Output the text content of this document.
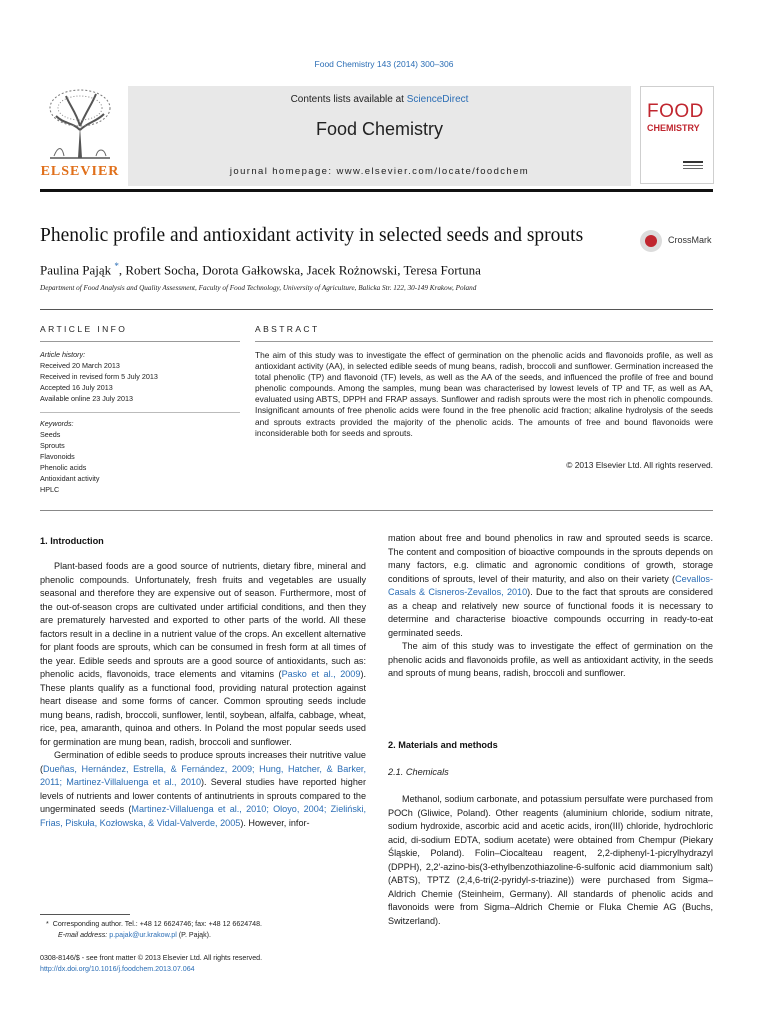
Food Chemistry 143 (2014) 300–306
ELSEVIER
Contents lists available at ScienceDirect
Food Chemistry
journal homepage: www.elsevier.com/locate/foodchem
FOOD
CHEMISTRY
Phenolic profile and antioxidant activity in selected seeds and sprouts	CrossMark
Paulina Pająk *, Robert Socha, Dorota Gałkowska, Jacek Rożnowski, Teresa Fortuna
Department of Food Analysis and Quality Assessment, Faculty of Food Technology, University of Agriculture, Balicka Str. 122, 30-149 Krakow, Poland
ARTICLE INFO
Article history:
Received 20 March 2013
Received in revised form 5 July 2013
Accepted 16 July 2013
Available online 23 July 2013
Keywords:
Seeds
Sprouts
Flavonoids
Phenolic acids
Antioxidant activity
HPLC
ABSTRACT
The aim of this study was to investigate the effect of germination on the phenolic acids and flavonoids profile, as well as antioxidant activity (AA), in selected edible seeds of mung beans, radish, broccoli and sunflower. Germination increased the total phenolic (TP) and flavonoid (TF) levels, as well as the AA of the seeds, and influenced the profile of free and bound phenolic compounds. Among the samples, mung bean was characterised by lowest levels of TP and TF, as well as AA, evaluated using ABTS, DPPH and FRAP assays. Sunflower and radish sprouts were the most rich in phenolic compounds. Insignificant amounts of free phenolic acids were found in the free phenolic acid fraction; alkaline hydrolysis of the seeds and sprouts extracts provided the majority of the phenolic acids. The amounts of free and bound flavonoids were inconsiderable both for seeds and sprouts.
© 2013 Elsevier Ltd. All rights reserved.
1. Introduction

Plant-based foods are a good source of nutrients, dietary fibre, mineral and phenolic compounds. Unfortunately, fresh fruits and vegetables are usually seasonal and therefore they are expensive out of season. Furthermore, most of the out-of-season crops are cultivated under artificial conditions, and then they are prematurely harvested and exported to other parts of the world. All these factors result in a decline in a nutrient value of the crops. An excellent alternative for plant foods are sprouts, which can be consumed in fresh form at all times of the year. Edible seeds and sprouts are a good source of antioxidants, such as: phenolic acids, flavonoids, trace elements and vitamins (Pasko et al., 2009). These plants qualify as a functional food, providing natural protection against heart disease and some forms of cancer. Common sprouting seeds include mung beans, radish, broccoli, sunflower, lentil, soybean, alfalfa, cabbage, wheat, rice, pea, amaranth, quinoa and others. In Poland the most popular seeds used for germination are mung bean, radish, broccoli and sunflower.

Germination of edible seeds to produce sprouts increases their nutritive value (Dueñas, Hernández, Estrella, & Fernández, 2009; Hung, Hatcher, & Barker, 2011; Martinez-Villaluenga et al., 2010). Several studies have reported higher levels of nutrients and lower contents of antinutrients in sprouts compared to the ungerminated seeds (Martinez-Villaluenga et al., 2010; Oloyo, 2004; Zieliński, Frias, Piskuła, Kozłowska, & Vidal-Valverde, 2005). However, infor-

mation about free and bound phenolics in raw and sprouted seeds is scarce. The content and composition of bioactive compounds in the sprouts depends on many factors, e.g. climatic and agronomic conditions of growth, storage conditions of sprouts, level of their maturity, and also on their variety (Cevallos-Casals & Cisneros-Zevallos, 2010). Due to the fact that sprouts are considered as a cheap and relatively new source of functional foods it is necessary to determine and characterise bioactive compounds occurring in ready-to-eat germinated seeds.

The aim of this study was to investigate the effect of germination on the phenolic acids and flavonoids profile, as well as antioxidant activity, in the seeds and sprouts of mung beans, radish, broccoli and sunflower.

2. Materials and methods
2.1. Chemicals

Methanol, sodium carbonate, and potassium persulfate were purchased from POCh (Gliwice, Poland). Other reagents (aluminium chloride, sodium nitrate, sodium hydroxide, ascorbic acid and acetic acids, iron(III) chloride, hydrochloric acid, di-sodium EDTA, sodium acetate) were obtained from Chempur (Piekary Śląskie, Poland). Folin–Ciocalteau reagent, 2,2-diphenyl-1-picrylhydrazyl (DPPH), 2,2′-azino-bis(3-ethylbenzothiazoline-6-sulfonic acid diammonium salt) (ABTS), TPTZ (2,4,6-tri(2-pyridyl-s-triazine)) were purchased from Sigma–Aldrich Chemie (Steinheim, Germany). All standards of phenolic acids and flavonoids were from Sigma–Aldrich Chemie or Fluka Chemie AG (Buchs, Switzerland).

* Corresponding author. Tel.: +48 12 6624746; fax: +48 12 6624748.
E-mail address: p.pajak@ur.krakow.pl (P. Pająk).
0308-8146/$ - see front matter © 2013 Elsevier Ltd. All rights reserved.
http://dx.doi.org/10.1016/j.foodchem.2013.07.064
